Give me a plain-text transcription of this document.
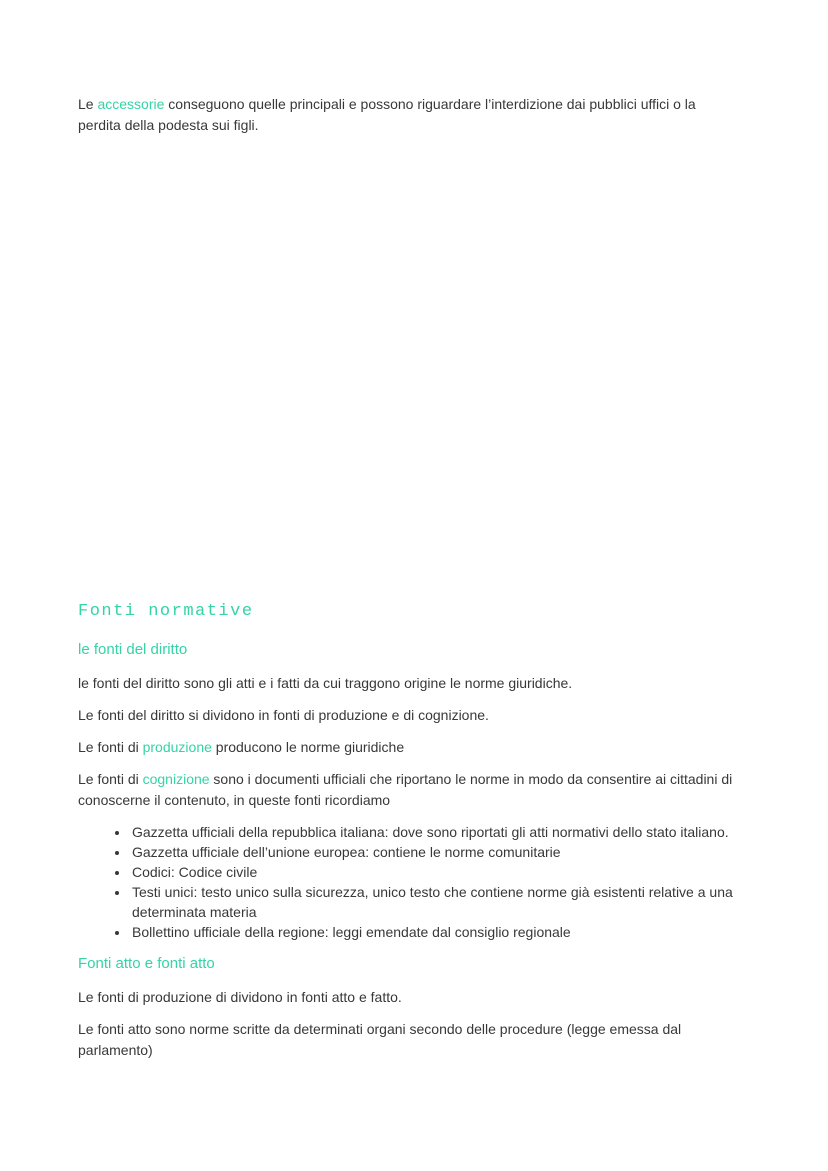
Le accessorie conseguono quelle principali e possono riguardare l’interdizione dai pubblici uffici o la perdita della podesta sui figli.

Fonti normative
le fonti del diritto

le fonti del diritto sono gli atti e i fatti da cui traggono origine le norme giuridiche.

Le fonti del diritto si dividono in fonti di produzione e di cognizione.

Le fonti di produzione producono le norme giuridiche

Le fonti di cognizione sono i documenti ufficiali che riportano le norme in modo da consentire ai cittadini di conoscerne il contenuto, in queste fonti ricordiamo

• Gazzetta ufficiali della repubblica italiana: dove sono riportati gli atti normativi dello stato italiano.
• Gazzetta ufficiale dell’unione europea: contiene le norme comunitarie
• Codici: Codice civile
• Testi unici: testo unico sulla sicurezza, unico testo che contiene norme già esistenti relative a una determinata materia
• Bollettino ufficiale della regione: leggi emendate dal consiglio regionale
Fonti atto e fonti atto

Le fonti di produzione di dividono in fonti atto e fatto.

Le fonti atto sono norme scritte da determinati organi secondo delle procedure (legge emessa dal parlamento)
